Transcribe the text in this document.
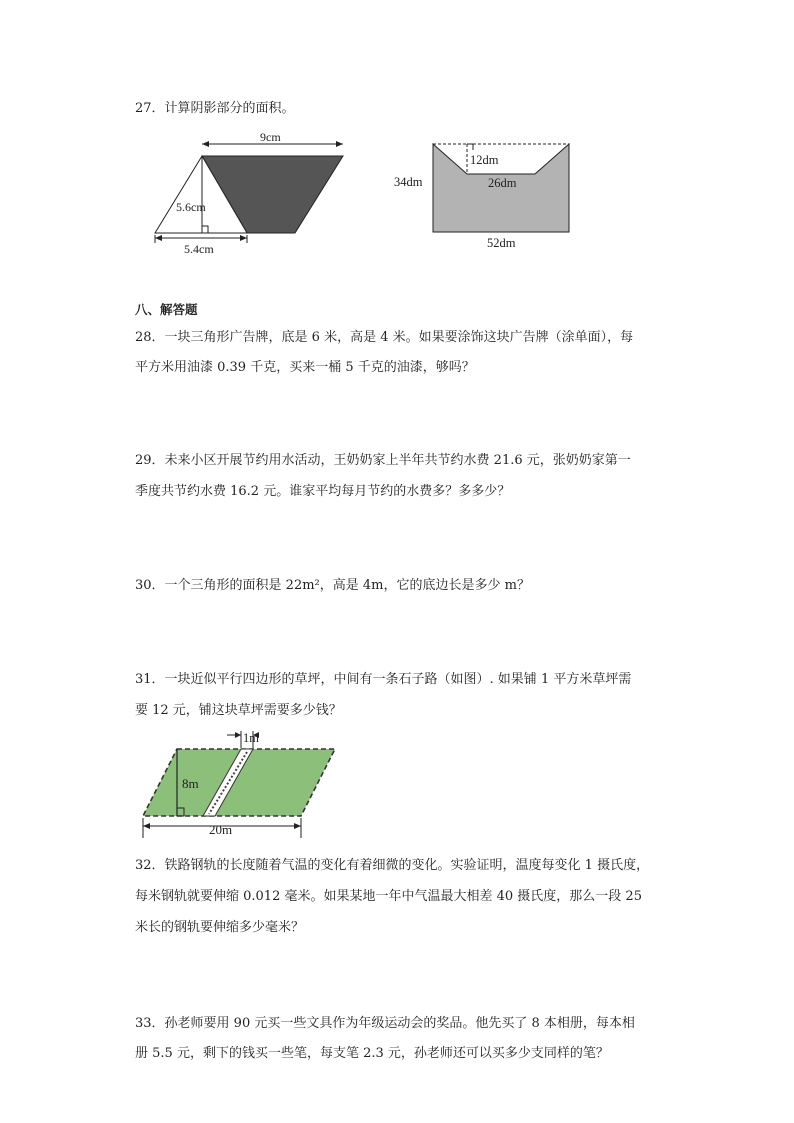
27．计算阴影部分的面积。
9cm
5.6cm
5.4cm
12dm
26dm
34dm
52dm
八、解答题
28．一块三角形广告牌，底是 6 米，高是 4 米。如果要涂饰这块广告牌（涂单面），每
平方米用油漆 0.39 千克，买来一桶 5 千克的油漆，够吗？
29．未来小区开展节约用水活动，王奶奶家上半年共节约水费 21.6 元，张奶奶家第一
季度共节约水费 16.2 元。谁家平均每月节约的水费多？多多少？
30．一个三角形的面积是 22m²，高是 4m，它的底边长是多少 m？
31．一块近似平行四边形的草坪，中间有一条石子路（如图）. 如果铺 1 平方米草坪需
要 12 元，铺这块草坪需要多少钱？
1m
8m
20m
32．铁路钢轨的长度随着气温的变化有着细微的变化。实验证明，温度每变化 1 摄氏度，
每米钢轨就要伸缩 0.012 毫米。如果某地一年中气温最大相差 40 摄氏度，那么一段 25
米长的钢轨要伸缩多少毫米？
33．孙老师要用 90 元买一些文具作为年级运动会的奖品。他先买了 8 本相册，每本相
册 5.5 元，剩下的钱买一些笔，每支笔 2.3 元，孙老师还可以买多少支同样的笔？
